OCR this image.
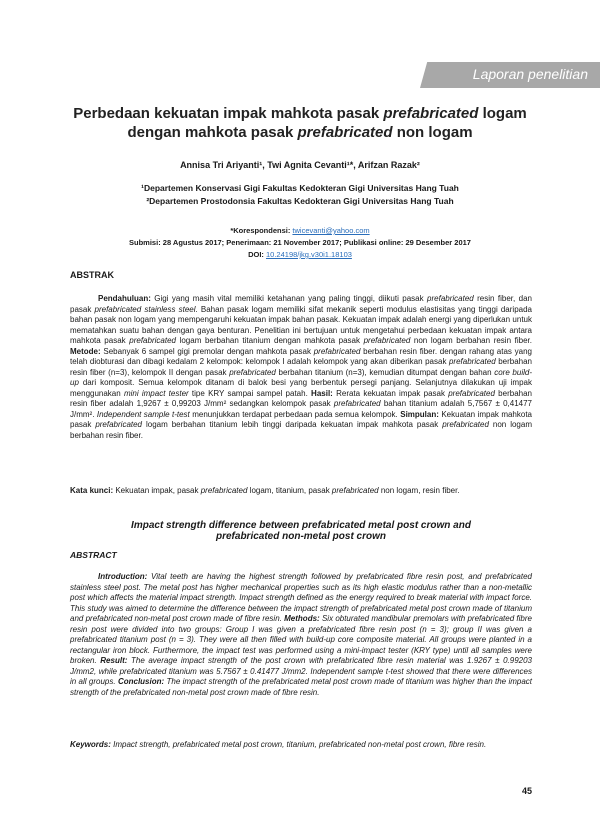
Laporan penelitian
Perbedaan kekuatan impak mahkota pasak prefabricated logam
dengan mahkota pasak prefabricated non logam
Annisa Tri Ariyanti¹, Twi Agnita Cevanti¹*, Arifzan Razak²
¹Departemen Konservasi Gigi Fakultas Kedokteran Gigi Universitas Hang Tuah
²Departemen Prostodonsia Fakultas Kedokteran Gigi Universitas Hang Tuah
*Korespondensi: twicevanti@yahoo.com
Submisi: 28 Agustus 2017; Penerimaan: 21 November 2017; Publikasi online: 29 Desember 2017
DOI: 10.24198/jkg.v30i1.18103
ABSTRAK
Pendahuluan: Gigi yang masih vital memiliki ketahanan yang paling tinggi, diikuti pasak prefabricated resin fiber, dan pasak prefabricated stainless steel. Bahan pasak logam memiliki sifat mekanik seperti modulus elastisitas yang tinggi daripada bahan pasak non logam yang mempengaruhi kekuatan impak bahan pasak. Kekuatan impak adalah energi yang diperlukan untuk mematahkan suatu bahan dengan gaya benturan. Penelitian ini bertujuan untuk mengetahui perbedaan kekuatan impak antara mahkota pasak prefabricated logam berbahan titanium dengan mahkota pasak prefabricated non logam berbahan resin fiber. Metode: Sebanyak 6 sampel gigi premolar dengan mahkota pasak prefabricated berbahan resin fiber. dengan rahang atas yang telah diobturasi dan dibagi kedalam 2 kelompok: kelompok I adalah kelompok yang akan diberikan pasak prefabricated berbahan resin fiber (n=3), kelompok II dengan pasak prefabricated berbahan titanium (n=3), kemudian ditumpat dengan bahan core build-up dari komposit. Semua kelompok ditanam di balok besi yang berbentuk persegi panjang. Selanjutnya dilakukan uji impak menggunakan mini impact tester tipe KRY sampai sampel patah. Hasil: Rerata kekuatan impak pasak prefabricated berbahan resin fiber adalah 1,9267 ± 0,99203 J/mm² sedangkan kelompok pasak prefabricated bahan titanium adalah 5,7567 ± 0,41477 J/mm². Independent sample t-test menunjukkan terdapat perbedaan pada semua kelompok. Simpulan: Kekuatan impak mahkota pasak prefabricated logam berbahan titanium lebih tinggi daripada kekuatan impak mahkota pasak prefabricated non logam berbahan resin fiber.
Kata kunci: Kekuatan impak, pasak prefabricated logam, titanium, pasak prefabricated non logam, resin fiber.
Impact strength difference between prefabricated metal post crown and
prefabricated non-metal post crown
ABSTRACT
Introduction: Vital teeth are having the highest strength followed by prefabricated fibre resin post, and prefabricated stainless steel post. The metal post has higher mechanical properties such as its high elastic modulus rather than a non-metallic post which affects the material impact strength. Impact strength defined as the energy required to break material with impact force. This study was aimed to determine the difference between the impact strength of prefabricated metal post crown made of titanium and prefabricated non-metal post crown made of fibre resin. Methods: Six obturated mandibular premolars with prefabricated fibre resin post were divided into two groups: Group I was given a prefabricated fibre resin post (n = 3); group II was given a prefabricated titanium post (n = 3). They were all then filled with build-up core composite material. All groups were planted in a rectangular iron block. Furthermore, the impact test was performed using a mini-impact tester (KRY type) until all samples were broken. Result: The average impact strength of the post crown with prefabricated fibre resin material was 1.9267 ± 0.99203 J/mm2, while prefabricated titanium was 5.7567 ± 0.41477 J/mm2. Independent sample t-test showed that there were differences in all groups. Conclusion: The impact strength of the prefabricated metal post crown made of titanium was higher than the impact strength of the prefabricated non-metal post crown made of fibre resin.
Keywords: Impact strength, prefabricated metal post crown, titanium, prefabricated non-metal post crown, fibre resin.
45
